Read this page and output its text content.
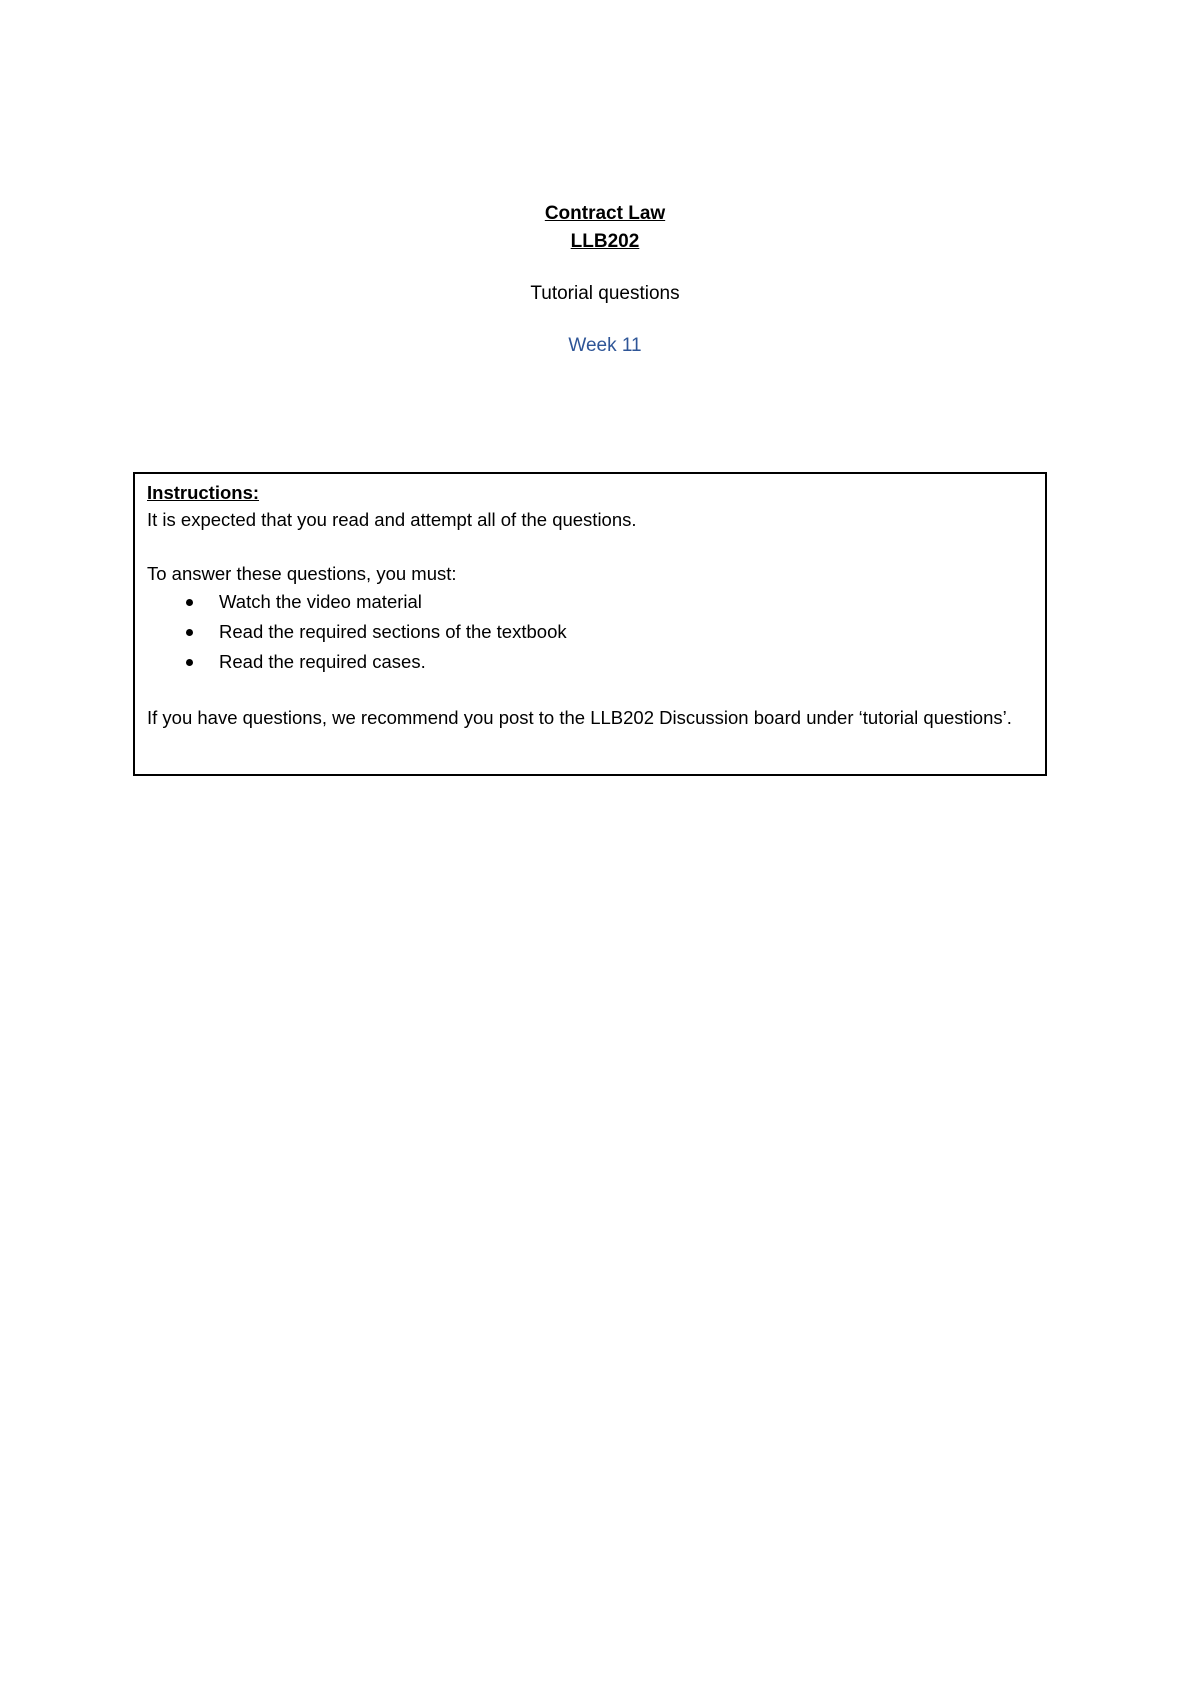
Contract Law

LLB202

Tutorial questions

Week 11

Instructions:

It is expected that you read and attempt all of the questions.

To answer these questions, you must:

Watch the video material
Read the required sections of the textbook
Read the required cases.

If you have questions, we recommend you post to the LLB202 Discussion board under ‘tutorial questions’.
